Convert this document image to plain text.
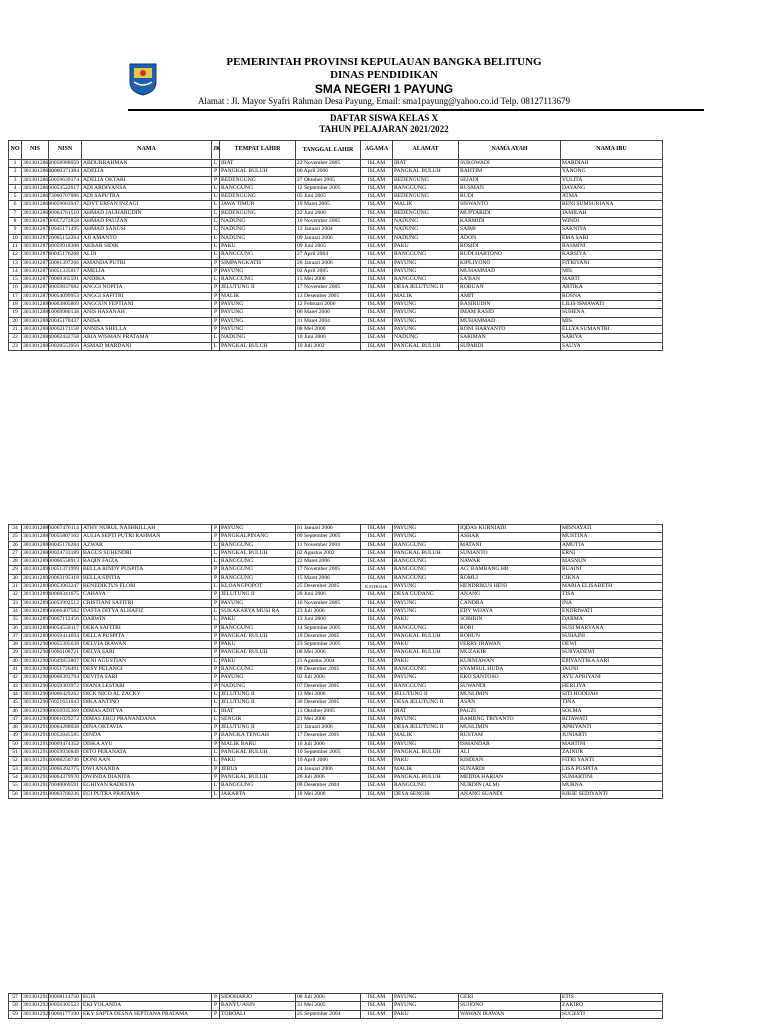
PEMERINTAH PROVINSI KEPULAUAN BANGKA BELITUNG
DINAS PENDIDIKAN
SMA NEGERI 1 PAYUNG
Alamat : Jl. Mayor Syafri Rahman Desa Payung, Email: sma1payung@yahoo.co.id Telp. 08127113679
DAFTAR SISWA KELAS X
TAHUN PELAJARAN 2021/2022
NO	NIS	NISN	NAMA	JK	TEMPAT LAHIR	TANGGAL LAHIR	AGAMA	ALAMAT	NAMA AYAH	NAMA IBU
1	3013012863	0058988059	ABDURRAHMAN	L	IRAT	22 November 2005	ISLAM	IRAT	SUKOWADI	MARDIAH
2	3013012864	0060371384	ADELIA	P	PANGKAL BULUH	06 April 2006	ISLAM	PANGKAL BULUH	BAHTIM	YANONG
3	3013012865	0059639174	ADELIA OKTARI	P	BEDENGUNG	27 Oktober 2005	ISLAM	BEDENGUNG	SEJADI	YULITA
4	3013012866	0053522017	ADI ARDIYANSA	L	RANGGUNG	12 September 2005	ISLAM	RANGGUNG	RUSMAN	DAYANG
5	3013012867	3060707086	ADI SAPUTRA	L	BEDENGUNG	05 Juni 2005	ISLAM	BEDENGUNG	RUDI	ATMA
6	3013012868	0059663947	ADYT ERFAN INZAGI	L	JAWA TIMUR	10 Maret 2005	ISLAM	MALIK	SISWANTO	RENI SUMSURIANA
7	3013012869	0064761510	AHMAD JAUHARUDIN	L	BEDENGUNG	22 Juni 2006	ISLAM	BEDENGUNG	MUPTARIDI	JAMILAH
8	3013012870	0057272858	AHMAD PAUZAN	L	NADUNG	10 November 2005	ISLAM	NADUNG	KARMIDI	WINDI
9	3013012871	0045171495	AHMAD SANUSI	L	NADUNG	13 Januari 2004	ISLAM	NADUNG	SAIMI	SAKNIYA
10	3013012872	0065152264	AJI AMANTO	L	NADUNG	09 Januari 2006	ISLAM	NADUNG	ADON	EMA SARI
11	3013012873	0059918308	AKBAR SIDIK	L	PAKU	09 Juni 2005	ISLAM	PAKU	ROSIDI	RASMINI
12	3013012874	0045176268	ALDI	L	RANGGUNG	27 April 2004	ISLAM	RANGGUNG	RUDI HARTONO	KARSIYA
13	3013012875	0061397266	AMANDA PUTRI	P	SIMPANGKATIS	20 Januari 2006	ISLAM	PAYUNG	KIPLIYONO	FITRIYANI
14	3013012876	0051335017	AMELIA	P	PAYUNG	02 April 2005	ISLAM	PAYUNG	MUHAMMAD	MIS
15	3013012877	0069365591	ANDIKA	L	RANGGUNG	15 Mei 2006	ISLAM	RANGGUNG	SA'BAN	MARTI
16	3013012878	0059837682	ANGGI NOPITA	P	JELUTUNG II	17 November 2005	ISLAM	DESA JELUTUNG II	ROBUAN	ARTIKA
17	3013012879	0054099953	ANGGI SAFITRI	P	MALIK	13 Desember 2005	ISLAM	MALIK	AMIT	ROSNA
18	3013012880	0063805869	ANGGUN FEPTIANI	P	PAYUNG	12 Februari 2006	ISLAM	PAYUNG	BASIRUDIN	LILIS ISMAWATI
19	3013012881	0069980138	ANIS HASANAH	P	PAYUNG	06 Maret 2006	ISLAM	PAYUNG	IMAM RASID	SUHENA
20	3013012882	0045170437	ANISA	P	PAYUNG	31 Maret 2004	ISLAM	PAYUNG	MUHAMMAD	MIS
21	3013012883	0062171158	ANNISA SHELLA	P	PAYUNG	08 Mei 2006	ISLAM	PAYUNG	RONI HARYANTO	ELLYA SUMANTRI
22	3013012884	0062432758	ARIA WISMAN PRATAMA	L	NADUNG	10 Juni 2006	ISLAM	NADUNG	SARIMAN	SARIYA
23	3013012885	0028553956	ASMAD MARDANI	L	PANGKAL BULUH	10 Juli 2002	ISLAM	PANGKAL BULUH	SUPARDI	SAUYA
24	3013012886	0067476114	ATHY NURUL NASHRILLAH	P	PAYUNG	01 Januari 2006	ISLAM	PAYUNG	IQDAS KURNIADI	MISNAYATI
25	3013012887	0055807162	AULIA SEPTI PUTRI RAHMAN	P	PANGKALPINANG	09 September 2005	ISLAM	PAYUNG	ASHAR	MUSTINA
26	3013012888	0045176284	AZWAR	L	RANGGUNG	11 November 2004	ISLAM	RANGGUNG	MATANI	AMUTIA
27	3013012889	0024733189	BAGUS SUHENDRI	L	PANGKAL BULUH	02 Agustus 2002	ISLAM	PANGKAL BULUH	SUMANTO	ERNI
28	3013012890	0066558913	BAQIN FAIZA	L	RANGGUNG	22 Maret 2006	ISLAM	RANGGUNG	NAWAR	MASNUN
29	3013012891	0051371999	BELLA RINDY PUSPITA	P	RANGGUNG	17 November 2005	ISLAM	RANGGUNG	AG. BAMBANG HB	RUAINI
30	3013012892	0063195118	BELLA SINTIA	P	RANGGUNG	15 Maret 2006	ISLAM	RANGGUNG	ROMLI	CIKNA
31	3013012893	0053963247	BENEDIKTUS FLORI	L	KLOANGPOPOT	25 Desember 2005	KATHOLIK	PAYUNG	HENDRIKUS HENI	MARIA ELISABETH
32	3013012894	0068341675	CAHAYA	P	JELUTUNG II	28 Juni 2006	ISLAM	DESA GUDANG	ANANG	TISA
33	3013012895	0053992512	CRISTIANI SAFITRI	P	PAYUNG	16 November 2005	ISLAM	PAYUNG	CANDRA	INA
34	3013012896	0066407582	DAFFA DITYA ALHAFIZ	L	SUKAKARYA MUSI RA	23 Juli 2006	ISLAM	PAYUNG	EDY WIJAYA	ENDRIWATI
35	3013012897	0067112456	DARWIN	L	PAKU	13 Juni 2006	ISLAM	PAKU	SOBIRIN	DARMA
36	3013012898	0054558117	DEKA SAFITRI	P	RANGGUNG	14 September 2005	ISLAM	RANGGUNG	ROBI	SUSI MARYANA
37	3013012899	0059414694	DELLA PUSPITA	P	PANGKAL BULUH	18 Desember 2005	ISLAM	PANGKAL BULUH	ROHUN	SUHAINI
38	3013012900	0055395638	DELVIA IRAWAN	P	PAKU	23 September 2005	ISLAM	PAKU	FERRY IRAWAN	DEWI
39	3013012901	0066108721	DELYA SARI	P	PANGKAL BULUH	08 Mei 2006	ISLAM	PANGKAL BULUH	MUZAKIR	SURYADEWI
40	3013012902	0049853807	DENI AGUSTIAN	L	PAKU	23 Agustus 2004	ISLAM	PAKU	KURNIAWAN	EPIYANTIKA SARI
41	3013012903	0051726491	DESY PELANGI	P	RANGGUNG	08 Desember 2005	ISLAM	RANGGUNG	SYAMSUL HUDA	JAUNI
42	3013012904	0068393794	DEVITA SARI	P	PAYUNG	03 Juli 2006	ISLAM	PAYUNG	EKO SANTOSO	AYU APRIYANI
43	3013012905	0059303972	DIANA LESTARI	P	NADUNG	07 Desember 2005	ISLAM	RANGGUNG	SUWANDI	HERLIYA
44	3013012906	0066429262	DICK NICO AL ZACKY	L	JELUTUNG II	13 Mei 2006	ISLAM	JELUTUNG II	MUSLIMIN	SITI HODIJAH
45	3013012907	0051631043	DIKA ANTINO	L	JELUTUNG II	30 Desember 2005	ISLAM	DESA JELUTUNG II	ASAN	TINA
46	3013012908	0056935369	DIMAS ADITYA	L	IRAT	13 Oktober 2005	ISLAM	IRAT	PAUZI	SOLMA
47	3013012909	0061029272	DIMAS ERGI PRANANDANA	L	SENGIR	21 Mei 2006	ISLAM	PAYUNG	BAMBNG TRIYANTO	RITAWATI
48	3013012910	0064288038	DINA OKTAVIA	P	JELUTUNG II	21 Januari 2006	ISLAM	DESA JELUTUNG II	MUSLIMIN	APRIYANTI
49	3013012911	0052845585	DINDA	P	BANGKA TENGAH	17 Desember 2005	ISLAM	MALIK	RUSTAM	JUNIARTI
50	3013012912	0069474352	DISKA AYU	P	MALIK BARU	16 Juli 2006	ISLAM	PAYUNG	ISMANDAR	MARTINI
51	3013012913	0059936849	DITO PERANATA	L	PANGKAL BULUH	10 September 2005	ISLAM	PANGKAL BULUH	ALI	ZAINUR
52	3013012914	0068250746	DONI AAN	L	PAKU	10 April 2006	ISLAM	PAKU	KISDIAN	FITRI YANTI
53	3013012915	0066392775	DWI ANANDA	P	JEBUS	24 Januari 2006	ISLAM	MALIK	SUNARDI	LISA PUSPITA
54	3013012916	0064379970	DWINDA DIANITA	P	PANGKAL BULUH	26 Juli 2006	ISLAM	PANGKAL BULUH	MEIDIA HARIAN	SUMARTINI
55	3013012917	0040069591	EGHIYAN RADESTA	L	RANGGUNG	08 Desember 2004	ISLAM	RANGGUNG	NURDIN (ALM)	MURNA
56	3013012918	0063760236	EGI PUTRA PRATAMA	L	JAKARTA	18 Mei 2006	ISLAM	DESA SENGIR	ANANG SUANDI	KIKIE SEDIYANTI
57	3013012919	0068114750	EGIS	P	SIDOHARJO	08 Juli 2006	ISLAM	PAYUNG	GERI	ETIS
58	3013012920	0056305523	EKI YOLANDA	P	BANYU ASIN	31 Mei 2005	ISLAM	PAYUNG	SUJIONO	ZAKIRO
59	3013012921	0068177190	EKY SAPTA DESNA SEPTIANA PRATAMA	P	TOBOALI	25 September 2004	ISLAM	PAKU	WAWAN IRAWAN	SUGESTI
